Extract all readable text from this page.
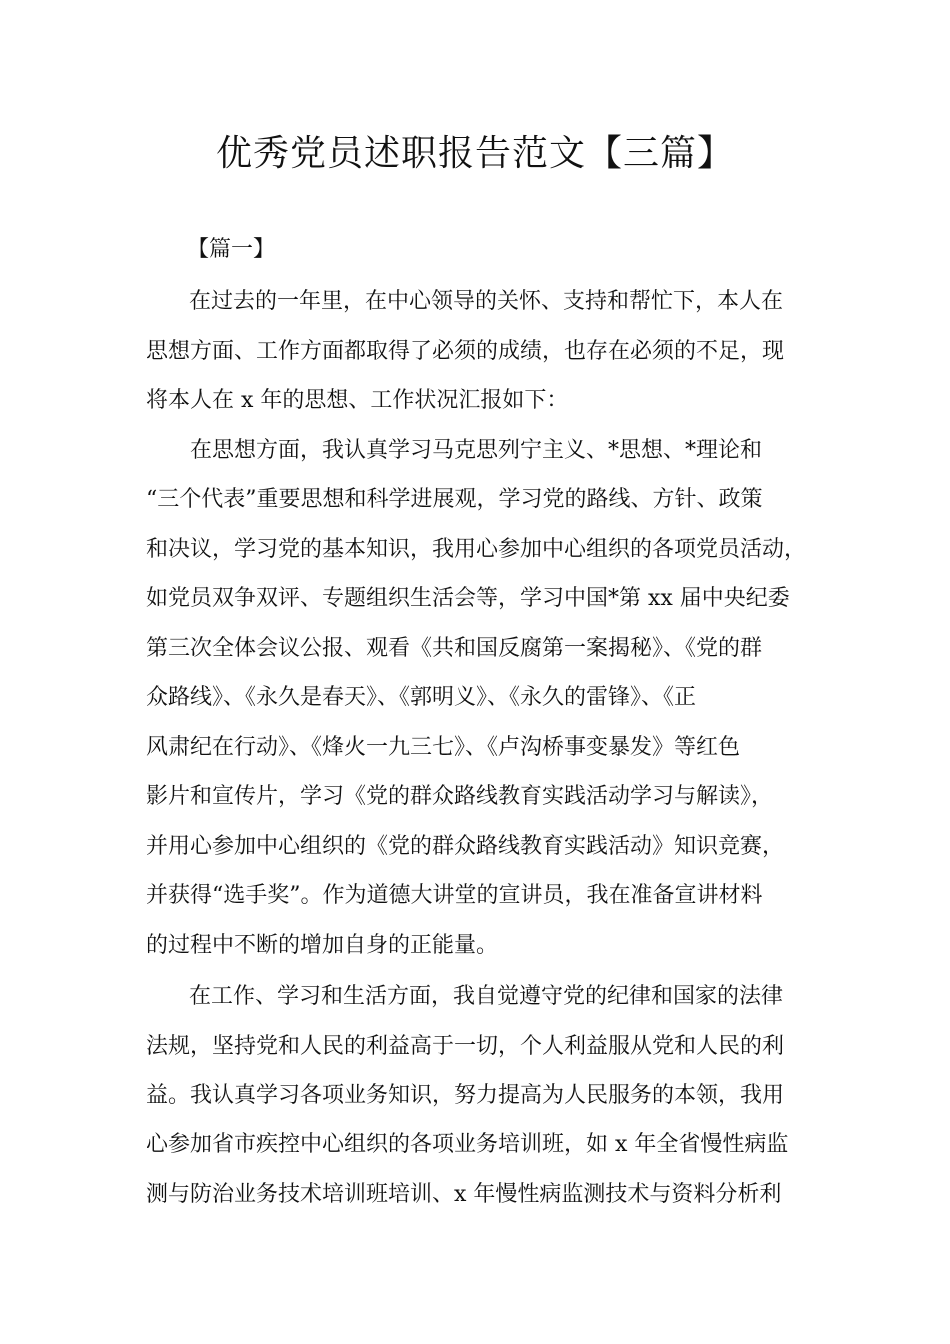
优秀党员述职报告范文【三篇】
【篇一】
在过去的一年里，在中心领导的关怀、支持和帮忙下，本人在
思想方面、工作方面都取得了必须的成绩，也存在必须的不足，现
将本人在 x 年的思想、工作状况汇报如下：
在思想方面，我认真学习马克思列宁主义、*思想、*理论和
“三个代表”重要思想和科学进展观，学习党的路线、方针、政策
和决议，学习党的基本知识，我用心参加中心组织的各项党员活动，
如党员双争双评、专题组织生活会等，学习中国*第 xx 届中央纪委
第三次全体会议公报、观看《共和国反腐第一案揭秘》、《党的群
众路线》、《永久是春天》、《郭明义》、《永久的雷锋》、《正
风肃纪在行动》、《烽火一九三七》、《卢沟桥事变暴发》等红色
影片和宣传片，学习《党的群众路线教育实践活动学习与解读》，
并用心参加中心组织的《党的群众路线教育实践活动》知识竞赛，
并获得“选手奖”。作为道德大讲堂的宣讲员，我在准备宣讲材料
的过程中不断的增加自身的正能量。
在工作、学习和生活方面，我自觉遵守党的纪律和国家的法律
法规，坚持党和人民的利益高于一切，个人利益服从党和人民的利
益。我认真学习各项业务知识，努力提高为人民服务的本领，我用
心参加省市疾控中心组织的各项业务培训班，如 x 年全省慢性病监
测与防治业务技术培训班培训、x 年慢性病监测技术与资料分析利
